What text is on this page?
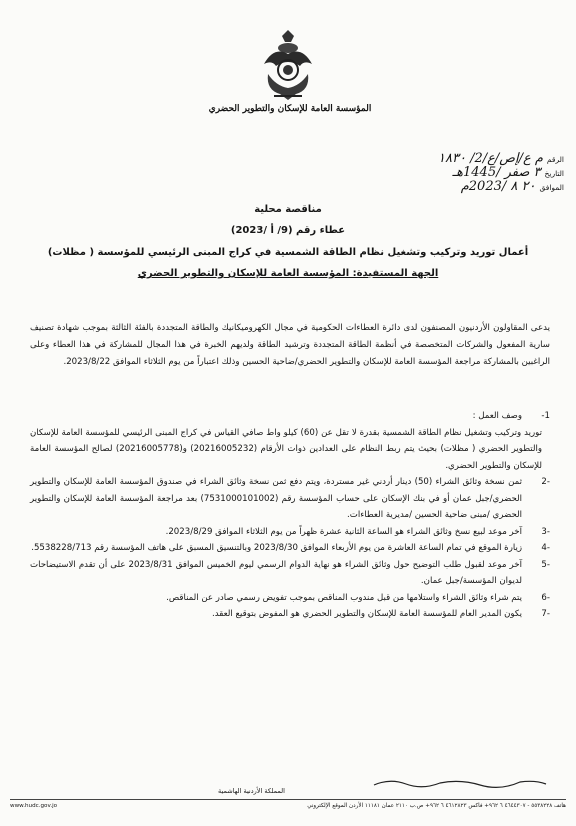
المؤسسة العامة للإسكان والتطوير الحضري
الرقم
م ع/إص/ع/2/ ١٨٣٠
التاريخ
٣ صفر /1445هـ
الموافق
٢٠ ٨ /2023م
مناقصة محلية
عطاء رقم (9/ أ /2023)
أعمال توريد وتركيب وتشغيل نظام الطاقة الشمسية في كراج المبنى الرئيسي للمؤسسة ( مظلات)
الجهة المستفيدة: المؤسسة العامة للإسكان والتطوير الحضري
يدعى المقاولون الأردنيون المصنفون لدى دائرة العطاءات الحكومية في مجال الكهروميكانيك والطاقة المتجددة بالفئة الثالثة بموجب شهادة تصنيف سارية المفعول والشركات المتخصصة في أنظمة الطاقة المتجددة وترشيد الطاقة ولديهم الخبرة في هذا المجال للمشاركة في هذا العطاء وعلى الراغبين بالمشاركة مراجعة المؤسسة العامة للإسكان والتطوير الحضري/ضاحية الحسين وذلك اعتباراً من يوم الثلاثاء الموافق 2023/8/22.
1-
وصف العمل :
توريد وتركيب وتشغيل نظام الطاقة الشمسية بقدرة لا تقل عن (60) كيلو واط صافي القياس في كراج المبنى الرئيسي للمؤسسة العامة للإسكان والتطوير الحضري ( مظلات) بحيث يتم ربط النظام على العدادين ذوات الأرقام (20216005232) و(20216005778) لصالح المؤسسة العامة للإسكان والتطوير الحضري.
-2
ثمن نسخة وثائق الشراء (50) دينار أردني غير مستردة، ويتم دفع ثمن نسخة وثائق الشراء في صندوق المؤسسة العامة للإسكان والتطوير الحضري/جبل عمان أو في بنك الإسكان على حساب المؤسسة رقم (7531000101002) بعد مراجعة المؤسسة العامة للإسكان والتطوير الحضري /مبنى ضاحية الحسين /مديرية العطاءات.
-3
آخر موعد لبيع نسخ وثائق الشراء هو الساعة الثانية عشرة ظهراً من يوم الثلاثاء الموافق 2023/8/29.
-4
زيارة الموقع في تمام الساعة العاشرة من يوم الأربعاء الموافق 2023/8/30 وبالتنسيق المسبق على هاتف المؤسسة رقم 5538228/713.
-5
آخر موعد لقبول طلب التوضيح حول وثائق الشراء هو نهاية الدوام الرسمي ليوم الخميس الموافق 2023/8/31 على أن تقدم الاستيضاحات لديوان المؤسسة/جبل عمان.
-6
يتم شراء وثائق الشراء واستلامها من قبل مندوب المناقص بموجب تفويض رسمي صادر عن المناقص.
-7
يكون المدير العام للمؤسسة العامة للإسكان والتطوير الحضري هو المفوض بتوقيع العقد.
المملكة الأردنية الهاشمية
هاتف ٥٥٣٨٢٢٨ - ٤٦٤٤٣٠٧ ٦ ٩٦٢+ فاكس ٤٦١٢٨٢٣ ٦ ٩٦٢+ ص.ب ٢١١٠ عمان ١١١٨١ الأردن الموقع الإلكتروني
www.hudc.gov.jo
